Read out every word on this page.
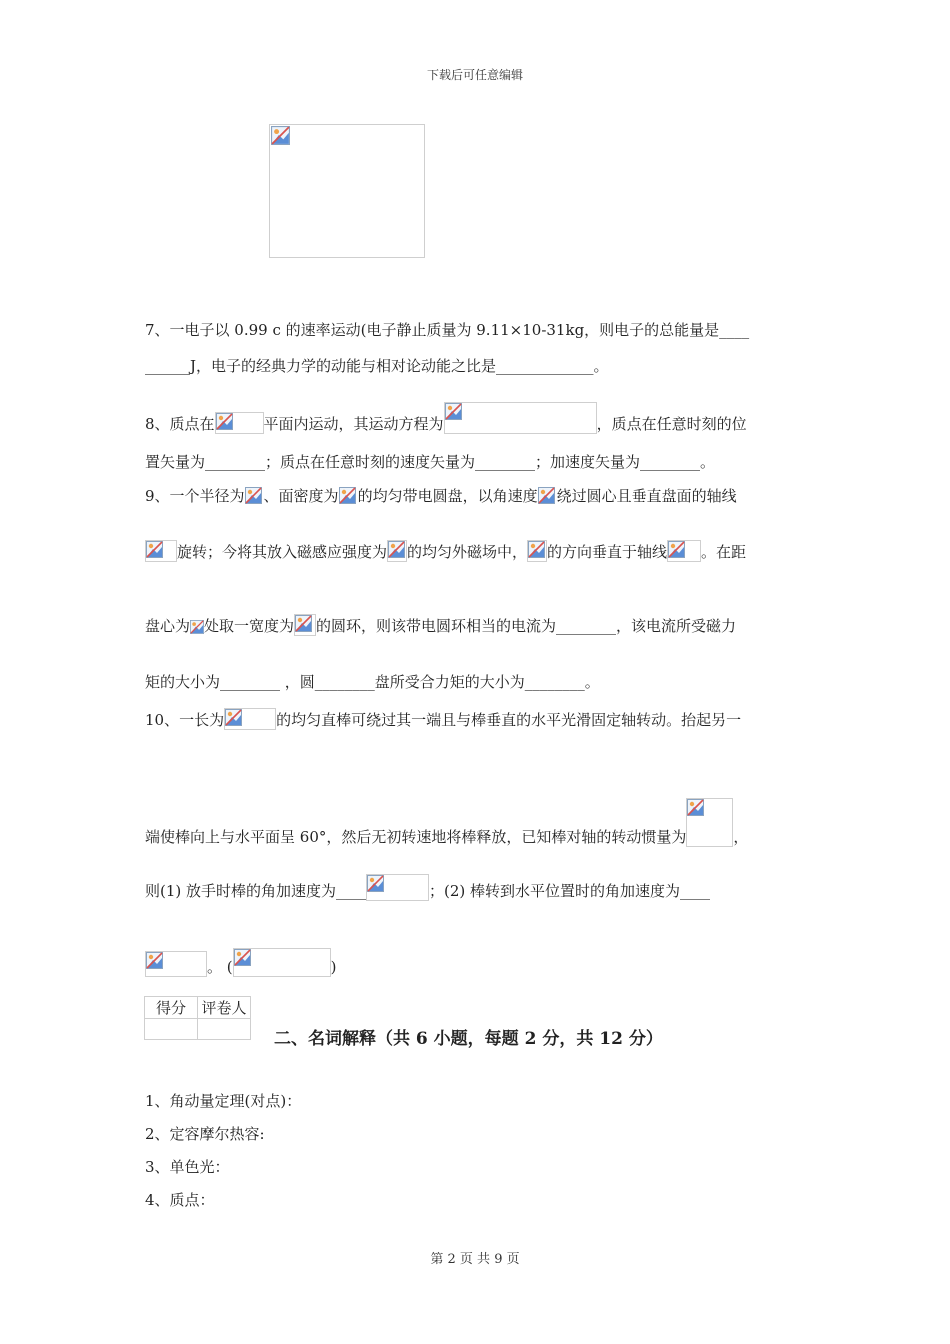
下载后可任意编辑
7、一电子以 0.99 c 的速率运动(电子静止质量为 9.11×10-31kg，则电子的总能量是____
______J，电子的经典力学的动能与相对论动能之比是_____________。
8、质点在	平面内运动，其运动方程为	，质点在任意时刻的位
置矢量为________；质点在任意时刻的速度矢量为________；加速度矢量为________。
9、一个半径为 、面密度为 的均匀带电圆盘，以角速度 绕过圆心且垂直盘面的轴线
旋转；今将其放入磁感应强度为 的均匀外磁场中， 的方向垂直于轴线 。在距
盘心为 处取一宽度为 的圆环，则该带电圆环相当的电流为________，该电流所受磁力
矩的大小为________ ，圆________盘所受合力矩的大小为________。
10、一长为	的均匀直棒可绕过其一端且与棒垂直的水平光滑固定轴转动。抬起另一
端使棒向上与水平面呈 60°，然后无初转速地将棒释放，已知棒对轴的转动惯量为	，
则(1) 放手时棒的角加速度为____	；(2) 棒转到水平位置时的角加速度为____
。 (	)
得分	评卷人

二、名词解释（共 6 小题，每题 2 分，共 12 分）
1、角动量定理(对点)：
2、定容摩尔热容:
3、单色光：
4、质点：
第 2 页 共 9 页
